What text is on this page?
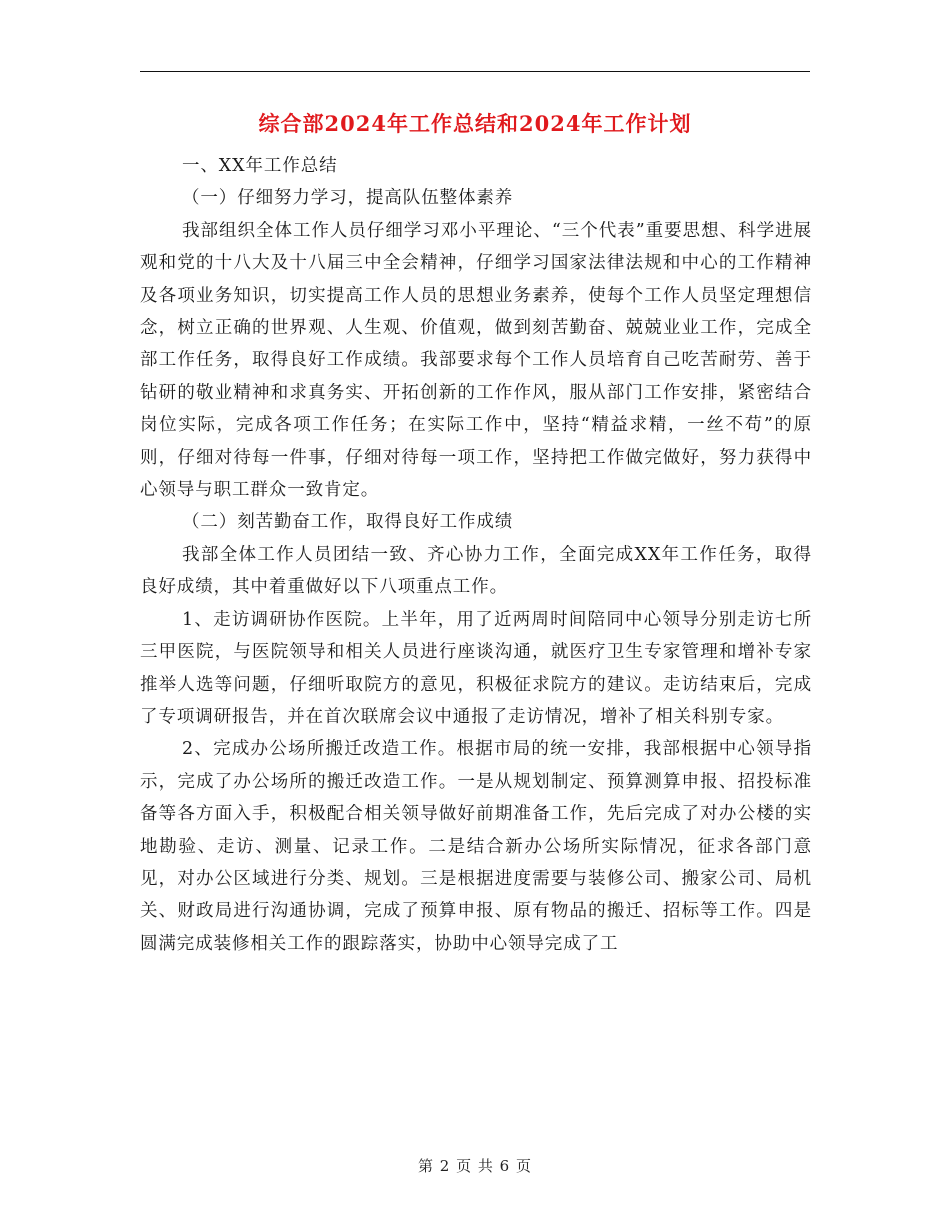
综合部2024年工作总结和2024年工作计划

一、XX年工作总结

（一）仔细努力学习，提高队伍整体素养

我部组织全体工作人员仔细学习邓小平理论、“三个代表”重要思想、科学进展观和党的十八大及十八届三中全会精神，仔细学习国家法律法规和中心的工作精神及各项业务知识，切实提高工作人员的思想业务素养，使每个工作人员坚定理想信念，树立正确的世界观、人生观、价值观，做到刻苦勤奋、兢兢业业工作，完成全部工作任务，取得良好工作成绩。我部要求每个工作人员培育自己吃苦耐劳、善于钻研的敬业精神和求真务实、开拓创新的工作作风，服从部门工作安排，紧密结合岗位实际，完成各项工作任务；在实际工作中，坚持“精益求精，一丝不苟”的原则，仔细对待每一件事，仔细对待每一项工作，坚持把工作做完做好，努力获得中心领导与职工群众一致肯定。

（二）刻苦勤奋工作，取得良好工作成绩

我部全体工作人员团结一致、齐心协力工作，全面完成XX年工作任务，取得良好成绩，其中着重做好以下八项重点工作。

1、走访调研协作医院。上半年，用了近两周时间陪同中心领导分别走访七所三甲医院，与医院领导和相关人员进行座谈沟通，就医疗卫生专家管理和增补专家推举人选等问题，仔细听取院方的意见，积极征求院方的建议。走访结束后，完成了专项调研报告，并在首次联席会议中通报了走访情况，增补了相关科别专家。

2、完成办公场所搬迁改造工作。根据市局的统一安排，我部根据中心领导指示，完成了办公场所的搬迁改造工作。一是从规划制定、预算测算申报、招投标准备等各方面入手，积极配合相关领导做好前期准备工作，先后完成了对办公楼的实地勘验、走访、测量、记录工作。二是结合新办公场所实际情况，征求各部门意见，对办公区域进行分类、规划。三是根据进度需要与装修公司、搬家公司、局机关、财政局进行沟通协调，完成了预算申报、原有物品的搬迁、招标等工作。四是圆满完成装修相关工作的跟踪落实，协助中心领导完成了工

第 2 页 共 6 页
